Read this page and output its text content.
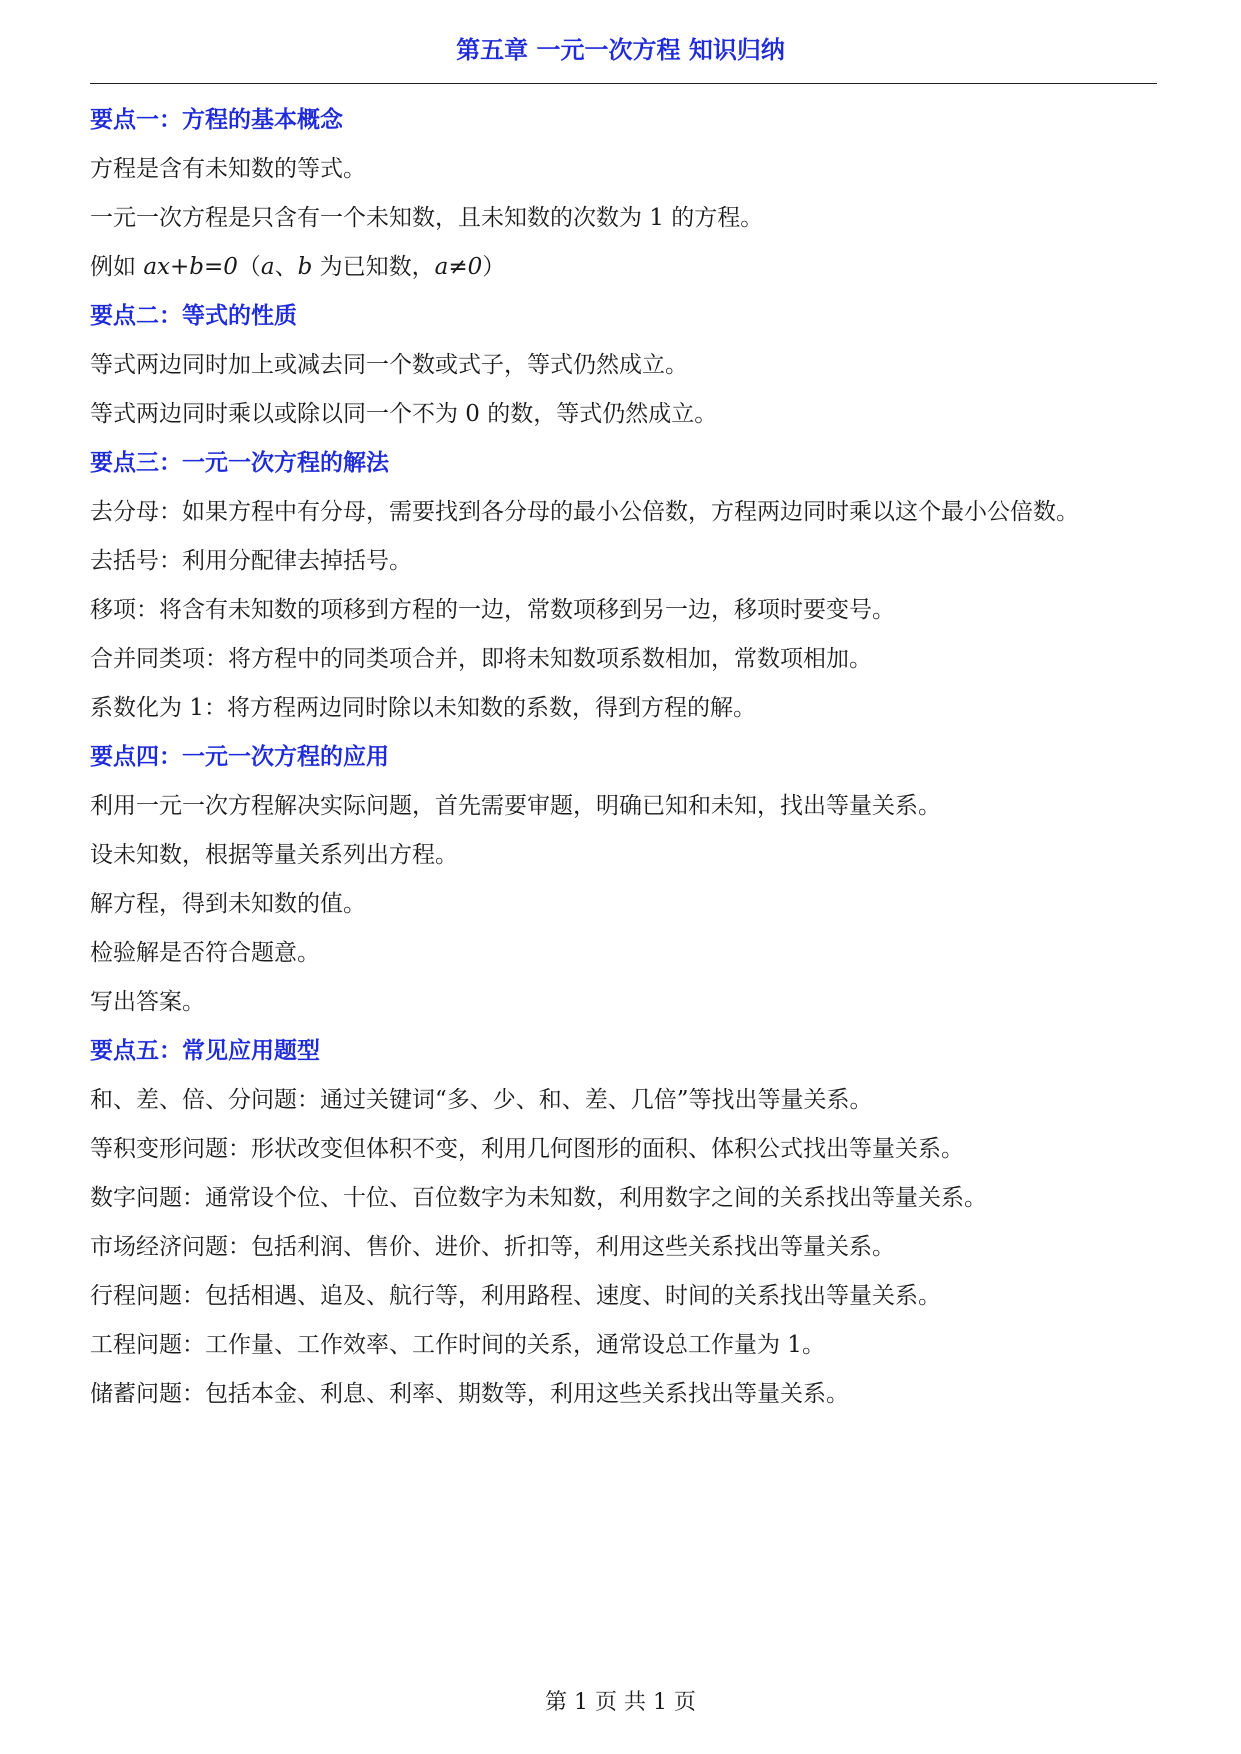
第五章 一元一次方程 知识归纳
要点一：方程的基本概念
方程是含有未知数的等式。
一元一次方程是只含有一个未知数，且未知数的次数为 1 的方程。
例如 ax+b=0（a、b 为已知数，a≠0）
要点二：等式的性质
等式两边同时加上或减去同一个数或式子，等式仍然成立。
等式两边同时乘以或除以同一个不为 0 的数，等式仍然成立。
要点三：一元一次方程的解法
去分母：如果方程中有分母，需要找到各分母的最小公倍数，方程两边同时乘以这个最小公倍数。
去括号：利用分配律去掉括号。
移项：将含有未知数的项移到方程的一边，常数项移到另一边，移项时要变号。
合并同类项：将方程中的同类项合并，即将未知数项系数相加，常数项相加。
系数化为 1：将方程两边同时除以未知数的系数，得到方程的解。
要点四：一元一次方程的应用
利用一元一次方程解决实际问题，首先需要审题，明确已知和未知，找出等量关系。
设未知数，根据等量关系列出方程。
解方程，得到未知数的值。
检验解是否符合题意。
写出答案。
要点五：常见应用题型
和、差、倍、分问题：通过关键词“多、少、和、差、几倍”等找出等量关系。
等积变形问题：形状改变但体积不变，利用几何图形的面积、体积公式找出等量关系。
数字问题：通常设个位、十位、百位数字为未知数，利用数字之间的关系找出等量关系。
市场经济问题：包括利润、售价、进价、折扣等，利用这些关系找出等量关系。
行程问题：包括相遇、追及、航行等，利用路程、速度、时间的关系找出等量关系。
工程问题：工作量、工作效率、工作时间的关系，通常设总工作量为 1。
储蓄问题：包括本金、利息、利率、期数等，利用这些关系找出等量关系。
第 1 页 共 1 页
